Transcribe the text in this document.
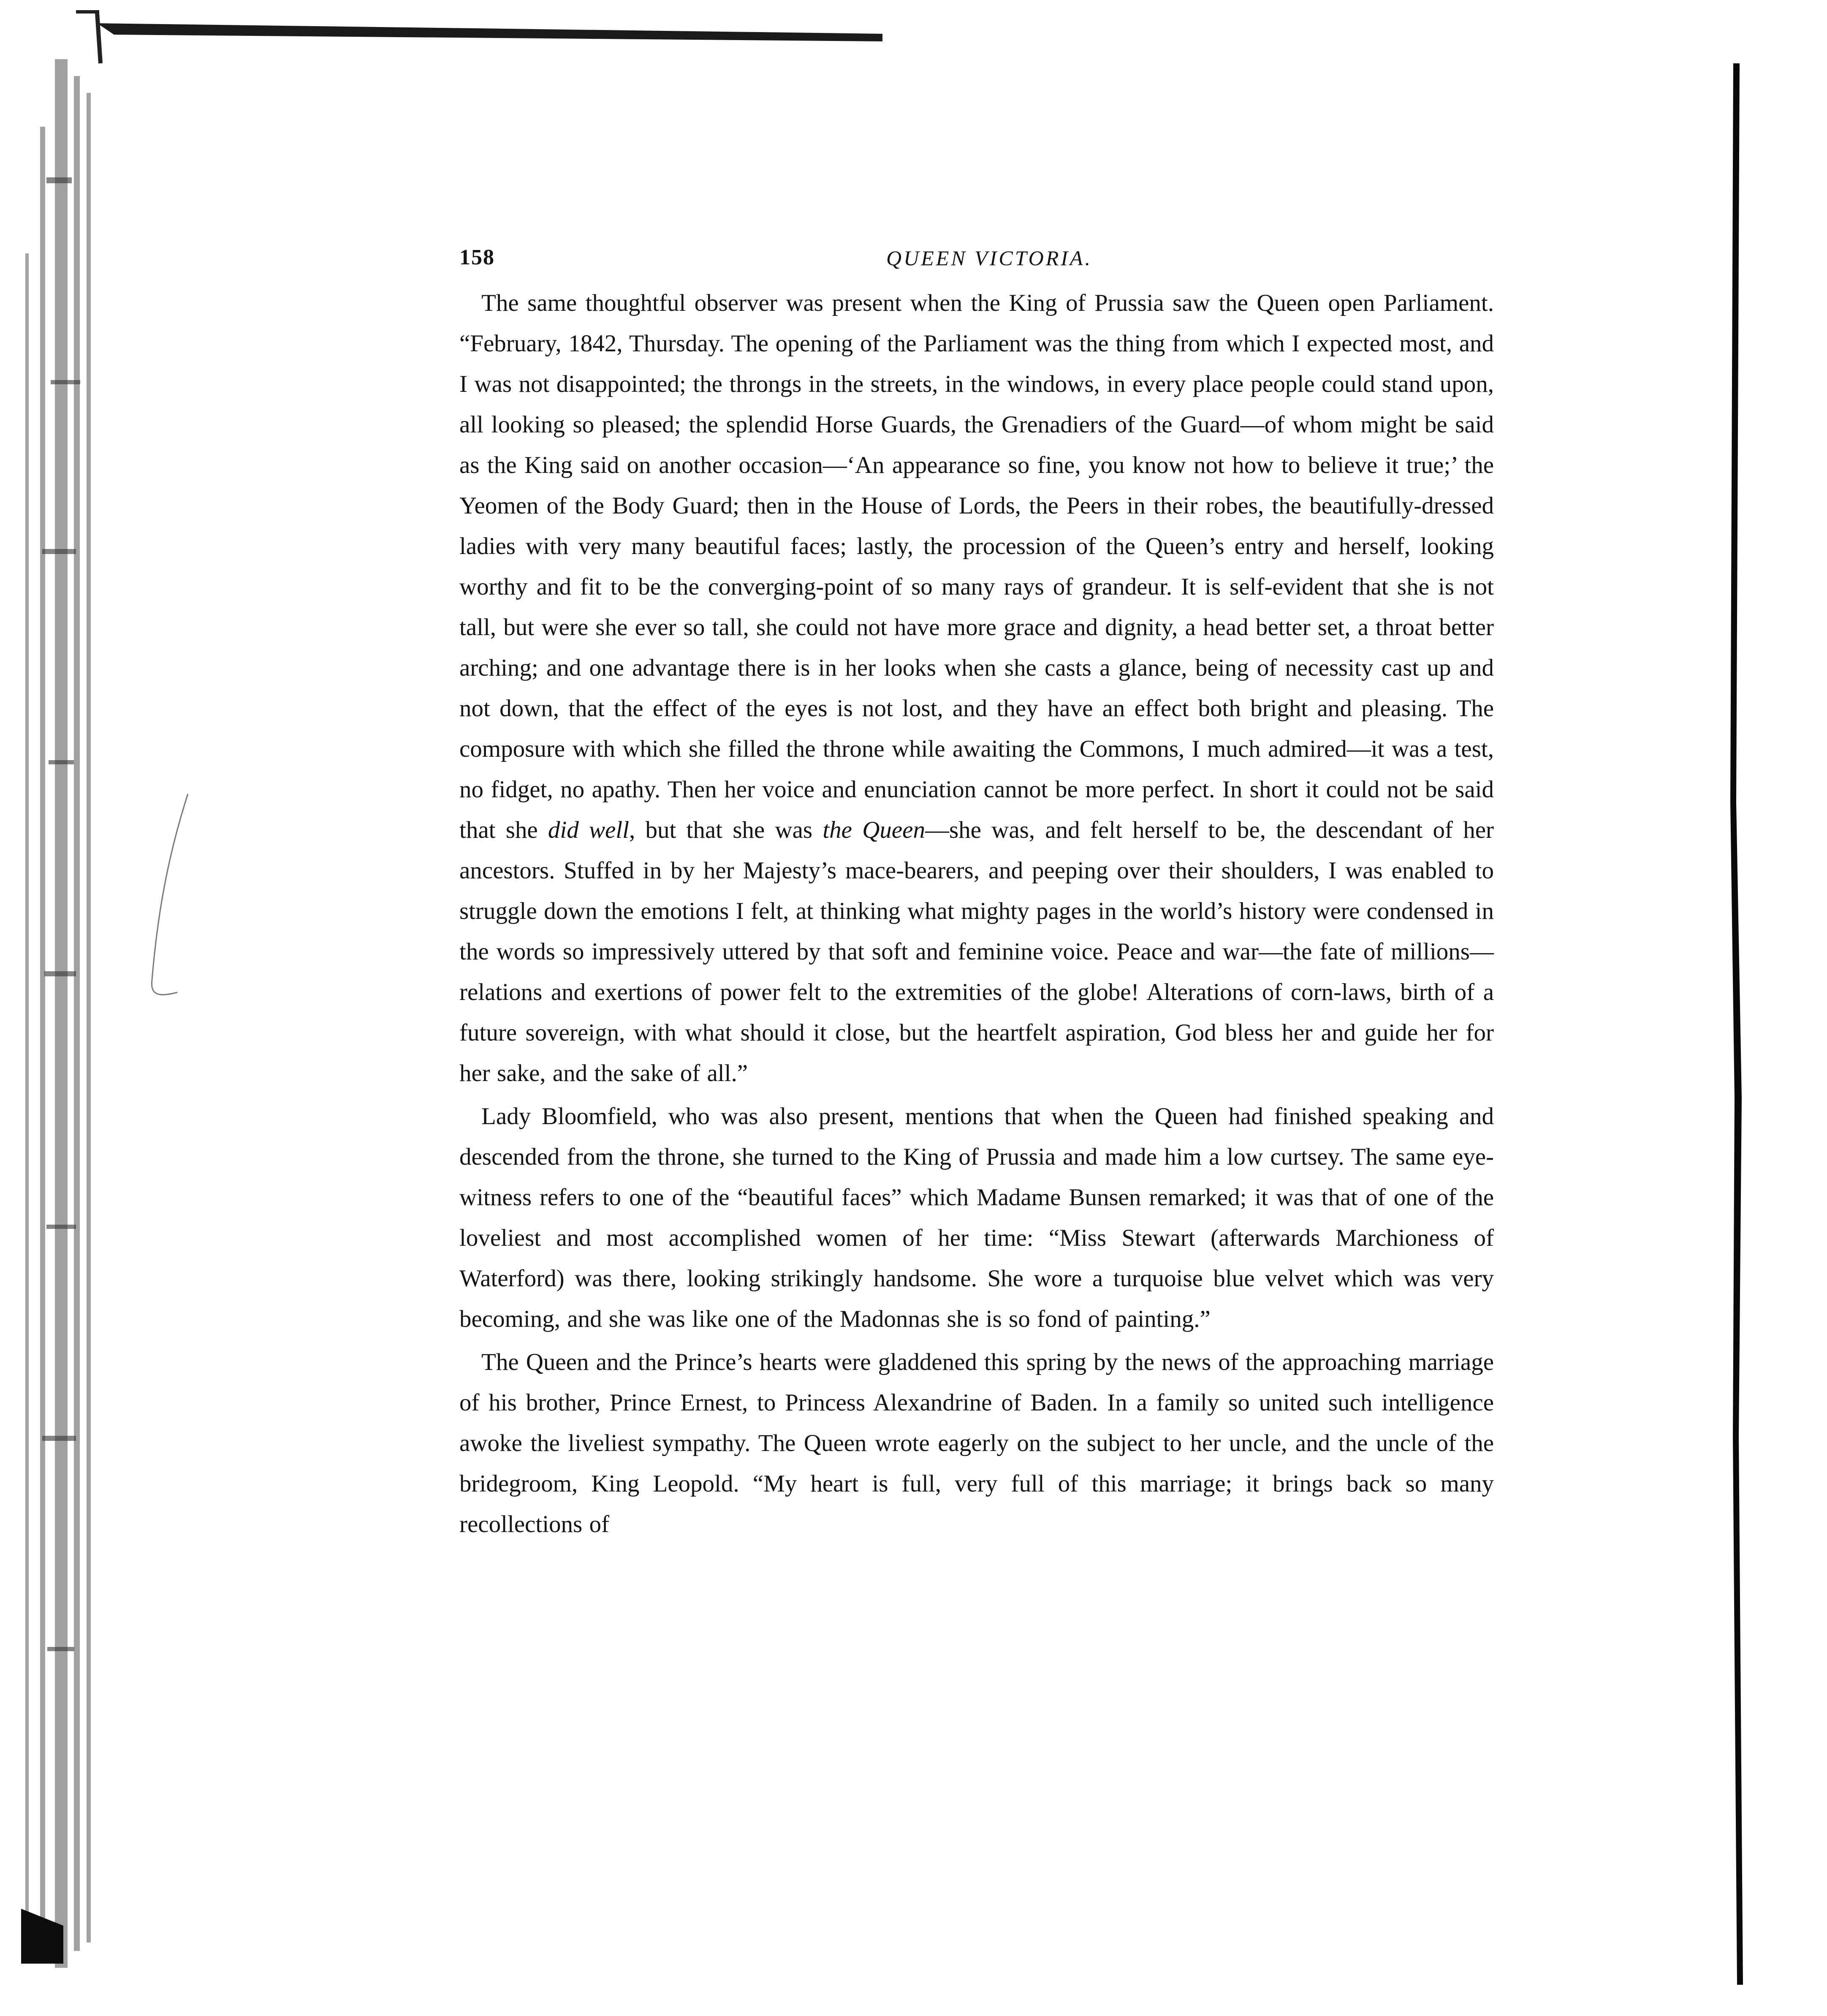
158	QUEEN VICTORIA.

The same thoughtful observer was present when the King of Prussia saw the Queen open Parliament. “February, 1842, Thursday. The opening of the Parliament was the thing from which I expected most, and I was not disappointed; the throngs in the streets, in the windows, in every place people could stand upon, all looking so pleased; the splendid Horse Guards, the Grenadiers of the Guard—of whom might be said as the King said on another occasion—‘An appearance so fine, you know not how to believe it true;’ the Yeomen of the Body Guard; then in the House of Lords, the Peers in their robes, the beautifully-dressed ladies with very many beautiful faces; lastly, the procession of the Queen’s entry and herself, looking worthy and fit to be the converging-point of so many rays of grandeur. It is self-evident that she is not tall, but were she ever so tall, she could not have more grace and dignity, a head better set, a throat better arching; and one advantage there is in her looks when she casts a glance, being of necessity cast up and not down, that the effect of the eyes is not lost, and they have an effect both bright and pleasing. The composure with which she filled the throne while awaiting the Commons, I much admired—it was a test, no fidget, no apathy. Then her voice and enunciation cannot be more perfect. In short it could not be said that she did well, but that she was the Queen—she was, and felt herself to be, the descendant of her ancestors. Stuffed in by her Majesty’s mace-bearers, and peeping over their shoulders, I was enabled to struggle down the emotions I felt, at thinking what mighty pages in the world’s history were condensed in the words so impressively uttered by that soft and feminine voice. Peace and war—the fate of millions—relations and exertions of power felt to the extremities of the globe! Alterations of corn-laws, birth of a future sovereign, with what should it close, but the heartfelt aspiration, God bless her and guide her for her sake, and the sake of all.”

Lady Bloomfield, who was also present, mentions that when the Queen had finished speaking and descended from the throne, she turned to the King of Prussia and made him a low curtsey. The same eye-witness refers to one of the “beautiful faces” which Madame Bunsen remarked; it was that of one of the loveliest and most accomplished women of her time: “Miss Stewart (afterwards Marchioness of Waterford) was there, looking strikingly handsome. She wore a turquoise blue velvet which was very becoming, and she was like one of the Madonnas she is so fond of painting.”

The Queen and the Prince’s hearts were gladdened this spring by the news of the approaching marriage of his brother, Prince Ernest, to Princess Alexandrine of Baden. In a family so united such intelligence awoke the liveliest sympathy. The Queen wrote eagerly on the subject to her uncle, and the uncle of the bridegroom, King Leopold. “My heart is full, very full of this marriage; it brings back so many recollections of
